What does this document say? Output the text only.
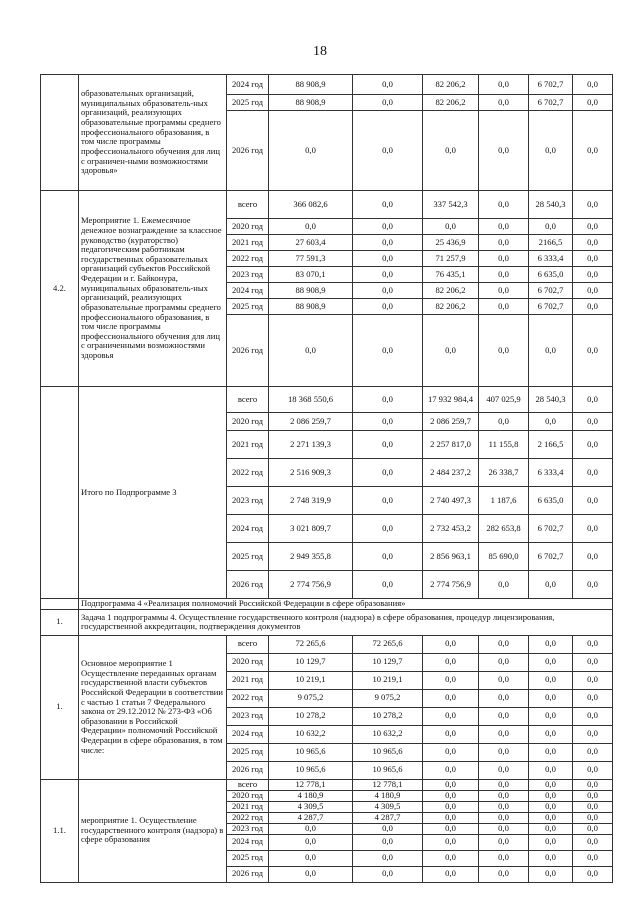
18
	образовательных организаций, муниципальных образователь-ных организаций, реализующих образовательные программы среднего профессионального образования, в том числе программы профессионального обучения для лиц с ограничен-ными возможностями здоровья»	2024 год	88 908,9	0,0	82 206,2	0,0	6 702,7	0,0
		2025 год	88 908,9	0,0	82 206,2	0,0	6 702,7	0,0
		2026 год	0,0	0,0	0,0	0,0	0,0	0,0
4.2.	Мероприятие 1. Ежемесячное денежное вознаграждение за классное руководство (кураторство) педагогическим работникам государственных образовательных организаций субъектов Российской Федерации и г. Байконура, муниципальных образователь-ных организаций, реализующих образовательные программы среднего профессионального образования, в том числе программы профессионального обучения для лиц с ограниченными возможностями здоровья	всего	366 082,6	0,0	337 542,3	0,0	28 540,3	0,0
		2020 год	0,0	0,0	0,0	0,0	0,0	0,0
		2021 год	27 603,4	0,0	25 436,9	0,0	2166,5	0,0
		2022 год	77 591,3	0,0	71 257,9	0,0	6 333,4	0,0
		2023 год	83 070,1	0,0	76 435,1	0,0	6 635,0	0,0
		2024 год	88 908,9	0,0	82 206,2	0,0	6 702,7	0,0
		2025 год	88 908,9	0,0	82 206,2	0,0	6 702,7	0,0
		2026 год	0,0	0,0	0,0	0,0	0,0	0,0
	Итого по Подпрограмме 3	всего	18 368 550,6	0,0	17 932 984,4	407 025,9	28 540,3	0,0
		2020 год	2 086 259,7	0,0	2 086 259,7	0,0	0,0	0,0
		2021 год	2 271 139,3	0,0	2 257 817,0	11 155,8	2 166,5	0,0
		2022 год	2 516 909,3	0,0	2 484 237,2	26 338,7	6 333,4	0,0
		2023 год	2 748 319,9	0,0	2 740 497,3	1 187,6	6 635,0	0,0
		2024 год	3 021 809,7	0,0	2 732 453,2	282 653,8	6 702,7	0,0
		2025 год	2 949 355,8	0,0	2 856 963,1	85 690,0	6 702,7	0,0
		2026 год	2 774 756,9	0,0	2 774 756,9	0,0	0,0	0,0
	Подпрограмма 4 «Реализация полномочий Российской Федерации в сфере образования»							
1.	Задача 1 подпрограммы 4. Осуществление государственного контроля (надзора) в сфере образования, процедур лицензирования, государственной аккредитации, подтверждения документов							
1.	Основное мероприятие 1 Осуществление переданных органам государственной власти субъектов Российской Федерации в соответствии с частью 1 статьи 7 Федерального закона от 29.12.2012 № 273-ФЗ «Об образовании в Российской Федерации» полномочий Российской Федерации в сфере образования, в том числе:	всего	72 265,6	72 265,6	0,0	0,0	0,0	0,0
		2020 год	10 129,7	10 129,7	0,0	0,0	0,0	0,0
		2021 год	10 219,1	10 219,1	0,0	0,0	0,0	0,0
		2022 год	9 075,2	9 075,2	0,0	0,0	0,0	0,0
		2023 год	10 278,2	10 278,2	0,0	0,0	0,0	0,0
		2024 год	10 632,2	10 632,2	0,0	0,0	0,0	0,0
		2025 год	10 965,6	10 965,6	0,0	0,0	0,0	0,0
		2026 год	10 965,6	10 965,6	0,0	0,0	0,0	0,0
1.1.	мероприятие 1. Осуществление государственного контроля (надзора) в сфере образования	всего	12 778,1	12 778,1	0,0	0,0	0,0	0,0
		2020 год	4 180,9	4 180,9	0,0	0,0	0,0	0,0
		2021 год	4 309,5	4 309,5	0,0	0,0	0,0	0,0
		2022 год	4 287,7	4 287,7	0,0	0,0	0,0	0,0
		2023 год	0,0	0,0	0,0	0,0	0,0	0,0
		2024 год	0,0	0,0	0,0	0,0	0,0	0,0
		2025 год	0,0	0,0	0,0	0,0	0,0	0,0
		2026 год	0,0	0,0	0,0	0,0	0,0	0,0
